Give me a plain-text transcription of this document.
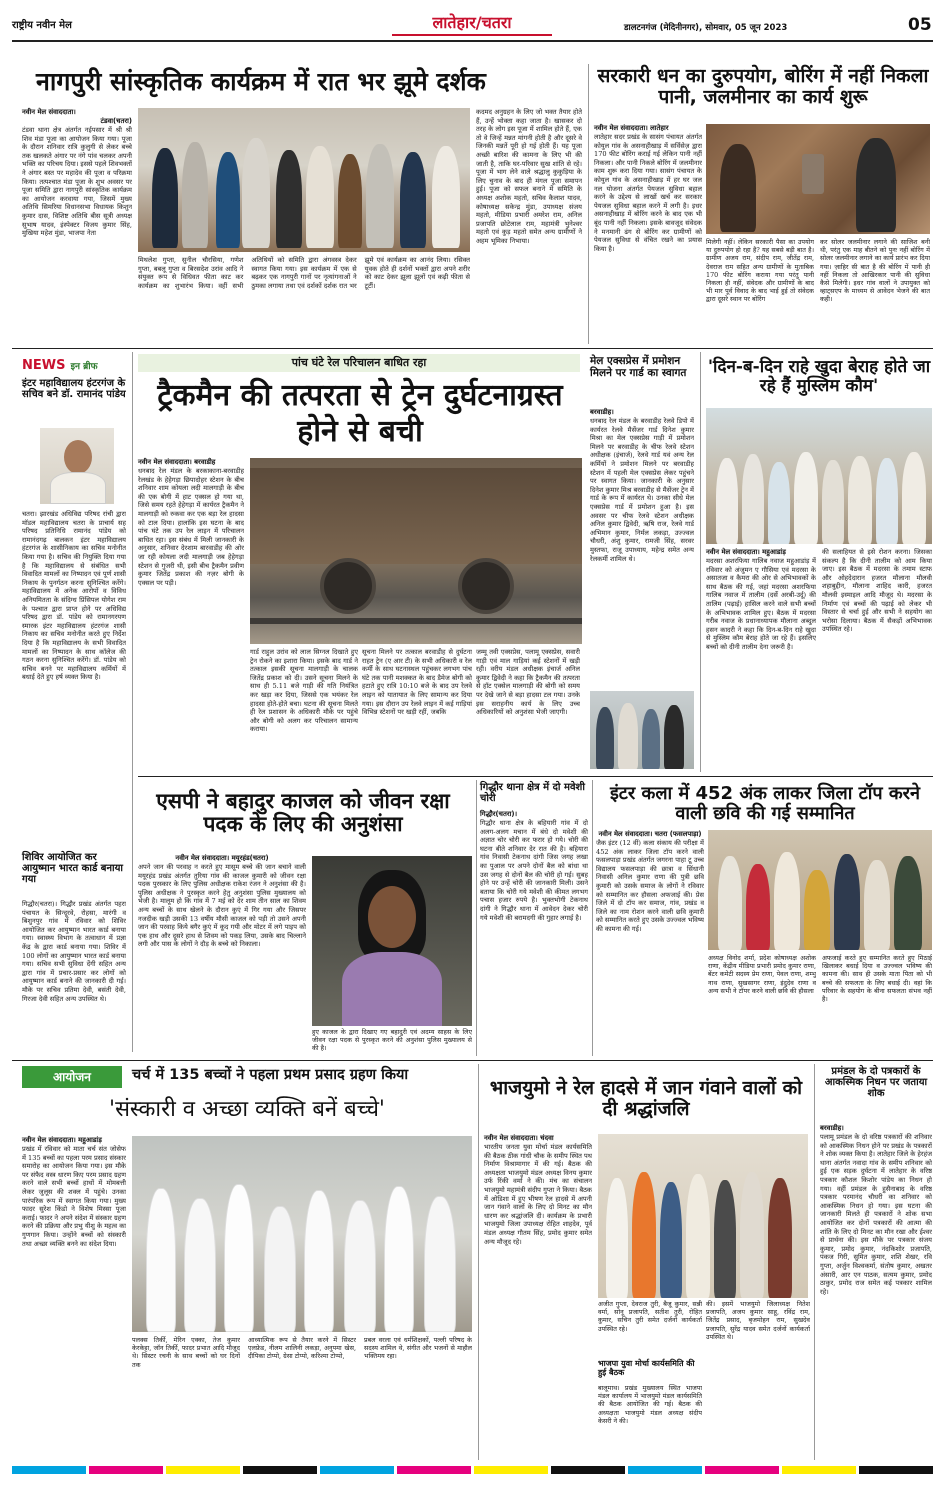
राष्ट्रीय नवीन मेल	लातेहार/चतरा	डालटनगंज (मेदिनीनगर), सोमवार, 05 जून 2023	05
नागपुरी सांस्कृतिक कार्यक्रम में रात भर झूमे दर्शक
नवीन मेल संवाददाता।
टंडवा(चतरा)
टंडवा थाना क्षेत्र अंतर्गत नईपसार में श्री श्री शिव मंडा पूजा का आयोजन किया गया। पूजा के दौरान शनिवार रात्रि कुलुगी से लेकर बच्चे तक खलकते अंगार पर नंगे पांव चलकर अपनी भक्ति का परिचय दिया। इससे पहले शिवभक्तों ने अंगार बस्त पर महादेव की पूजा व परिक्रमा किया। तत्पश्चात मंडा पूजा के शुभ अवसर पर पूजा समिति द्वारा नागपुरी सांस्कृतिक कार्यक्रम का आयोजन करवाया गया, जिसमें मुख्य अतिथि सिमरिया विधानसभा विधायक किशुन कुमार दास, विशिष्ट अतिथि बीस सूत्री अध्यक्ष सुभाष यादव, इंस्पेक्टर विजय कुमार सिंह, मुखिया महेश मुंडा, भाजपा नेता
मिथलेश गुप्ता, सुनील चौरसिया, गणेश गुप्ता, बबलू गुप्ता व बिरसदेश उरांव आदि ने संयुक्त रूप से विधिवत फीता काट कर कार्यक्रम का शुभारंभ किया। वहीं सभी अतिथियों को समिति द्वारा अंगवस्त्र देकर स्वागत किया गया। इस कार्यक्रम में एक से बढ़कर एक नागपुरी गानों पर नृत्यांगनाओं ने ठुमका लगाया तथा एवं दर्शकों दर्शक रात भर झूमे एवं कार्यक्रम का आनंद लिया। रसिक्त युवक होते ही दर्शनों भक्तों द्वारा अपने शरीर को काट देकर झूला झूलों एवं कढ़ी फीता से टूटीं।
कदमद अनुग्रहन के लिए जो भक्त तैयार होते हैं, उन्हें भोक्ता कहा जाता है। खासकर दो तरह के लोग इस पूजा में शामिल होते हैं, एक तो वे जिन्हें मन्नत मांगनी होती है और दूसरे वे जिनकी मन्नतें पूरी हो गई होती हैं। यह पूजा अच्छी बारिश की कामना के लिए भी की जाती है, ताकि घर-परिवार सुख शांति से रहे। पूजा में भाग लेने वाले श्रद्धालु कुकुड़िया के लिए चुनाव के बाद ही मंगल पूजा समापन हुई। पूजा को सफल बनाने में समिति के अध्यक्ष अशोक महतो, सचिव कैलाश यादव, कोषाध्यक्ष सकेन्द्र मुंडा, उपाध्यक्ष संजय महतो, मीडिया प्रभारी अमरेश राम, अनिल प्रजापति छोटेलाल राम, महामंत्री भुनेश्वर महतो एवं कुड़ महतो समेत अन्य ग्रामीणों ने अहम भूमिका निभाया।
सरकारी धन का दुरुपयोग, बोरिंग में नहीं निकला पानी, जलमीनार का कार्य शुरू
नवीन मेल संवाददाता। लातेहार
लातेहार सदर प्रखंड के सासंग पंचायत अंतर्गत कोयुल गांव के असनाहीखाड़ में सर्विसेज़ द्वारा 170 फीट बोरिंग कराई गई लेकिन पानी नहीं निकला। और पानी निकले बोरिंग में जलमीनार काम शुरू करा दिया गया। सासंग पंचायत के कोयुल गांव के असनाहीखाड़ में हर घर जल नल योजना अंतर्गत पेयजल सुविधा बहाल करने के उद्देश्य से लाखों खर्च कर सरकार पेयजल सुविधा बहाल करने में लगी है। इधर असनाहीखाड़ में बोरिंग करने के बाद एक भी बूंद पानी नहीं निकला। इसके बावजूद संवेदक ने मनमानी ढंग से बोरिंग कर ग्रामीणों को पेयजल सुविधा से वंचित रखने का प्रयास किया है।
मिलेगी नहीं। लेकिन सरकारी पैसा का उपयोग या दुरुपयोग हो रहा है? यह सबसे बड़ी बात है। ग्रामीण अजय राम, संदीप राम, जीतेंद्र राम, देवराज राम सहित अन्य ग्रामीणों के मुताबिक 170 फीट बोरिंग कराया गया परंतु पानी निकला ही नहीं, संवेदक और ग्रामीणों के बाद भी मार पूर्व विवाद के बाद भाई हुई तो संवेदक द्वारा दूसरे स्थान पर बोरिंग
कर सोलर जलमीनार लगाने की साजिश बनी थी, परंतु एक माह बीतने को पुनः नहीं बोरिंग में सोलर जलमीनार लगाने का कार्य प्रारंभ कर दिया गया। ज़ाहिर सी बात है की बोरिंग में पानी ही नहीं निकला तो आखिरकार पानी की सुविधा कैसे मिलेगी। इधर गांव वालों ने उपायुक्त को व्हाट्सएप के माध्यम से आवेदन भेजने की बात कही।
NEWS इन ब्रीफ
इंटर महाविद्यालय हंटरगंज के सचिव बने डॉ. रामानंद पांडेय
चतरा। झारखंड अधिविद्य परिषद रांची द्वारा मॉडल महाविद्यालय चतरा के प्राचार्य सह परिषद प्रतिनिधि रामानंद पांडेय को रामानंदगढ़ बालकन इंटर महाविद्यालय हंटरगंज के शासीनिकाय का सचिव मनोनीत किया गया है। सचिव की नियुक्ति दिया गया है कि महाविद्यालय से संबंधित सभी विवादित मामलों का निष्पादन एवं पूर्ण शासी निकाय के पुनर्गठन करना सुनिश्चित करेंगे। महाविद्यालय में अनेक आरोपों व विविध अनियमितता के संदिग्ध प्रिंसिपल योगेश राम के पश्चात द्वारा प्राप्त होने पर अधिविद्य परिषद द्वारा डॉ. पांडेय को रामानगरयण स्मारक इंटर महाविद्यालय हंटरगंज शासी निकाय का सचिव मनोनीत करते हुए निर्देश दिया है कि महाविद्यालय के सभी विवादित मामलों का निष्पादन के साथ कॉलेज की गठन करना सुनिश्चित करेंगे। डॉ. पांडेय को सचिव बनने पर महाविद्यालय कर्मियों में बधाई देते हुए हर्ष व्यक्त किया है।
शिविर आयोजित कर आयुष्मान भारत कार्ड बनाया गया
गिद्धौर(चतरा)। गिद्धौर प्रखंड अंतर्गत पहरा पंचायत के सिन्दूरवे, रोहसा, मारंगी व बिशुनपुर गांव में रविवार को शिविर आयोजित कर आयुष्मान भारत कार्ड बनाया गया। स्वास्थ्य विभाग के तत्वाधान में प्रज्ञा केंद्र के द्वारा कार्ड बनाया गया। शिविर में 100 लोगों का आयुष्मान भारत कार्ड बनाया गया। सचिव सभी सुविधा देंगी सहित अन्य द्वारा गांव में प्रचार-प्रसार कर लोगों को आयुष्मान कार्ड बनाने की जानकारी दी गई। मौके पर सचिव प्रतिमा देवी, बसंती देवी, गिरजा देवी सहित अन्य उपस्थित थे।
पांच घंटे रेल परिचालन बाधित रहा
ट्रैकमैन की तत्परता से ट्रेन दुर्घटनाग्रस्त होने से बची
नवीन मेल संवाददाता। बरवाडीह
धनबाद रेल मंडल के बरकाकाना-बरवाडीह रेलखंड के हेहेगड़ा छिपादोहर स्टेशन के बीच शनिवार शाम कोयला लदी मालगाड़ी के बीच की एक बोगी में हाट एक्सल हो गया था, जिसे समय रहते हेहेगड़ा में कार्यरत ट्रैकमैन ने मालगाड़ी को रुकवा कर एक बड़ा रेल हादसा को टाल दिया। हालांकि इस घटना के बाद पांच घंटे तक उप रेल लाइन में परिचालन बाधित रहा। इस संबंध में मिली जानकारी के अनुसार, शनिवार देरशाम बारवाडीह की ओर जा रही कोयला लदी मालगाड़ी जब हेहेगड़ा स्टेशन से गुजरी थी, इसी बीच ट्रैकमैन प्रवीण कुमार जितेंद्र प्रकाश की नज़र बोगी के एक्सल पर पड़ी।
गार्ड राहुल उरांव को लाल सिग्नल दिखाते हुए ट्रेन रोकने का इशारा किया। इसके बाद गार्ड ने तत्काल इसकी सूचना मालगाड़ी के चालक जितेंद्र प्रकाश को दी। उसने सूचना मिलने के साथ ही 5.11 बजे गाड़ी की गति नियंत्रित कर खड़ा कर दिया, जिससे एक भयंकर रेल हादसा होते-होते बचा। घटना की सूचना मिलते ही रेल प्रशासन के अधिकारी मौके पर पहुंचे और बोगी को अलग कर परिचालन सामान्य कराया।
सूचना मिलने पर तत्काल बरवाडीह से दुर्घटना राहत ट्रेन (ए आर टी) के सभी अधिकारी व रेल कर्मी के साथ घटनास्थल पहुंचकर लगभग पांच घंटे तक पानी मशक्कत के बाद डैमेज बोगी को हटाते हुए रात्रि 10:10 बजे के बाद उप रेलवे लाइन को यातायात के लिए सामान्य कर दिया गया। इस दौरान उप रेलवे लाइन में कई गाड़ियां विभिन्न स्टेशनों पर खड़ी रहीं, जबकि
जम्मू तवी एक्सप्रेस, पलामू एक्सप्रेस, सवारी गाड़ी एवं माल गाड़ियां कई स्टेशनों में खड़ी रही। वरीय मंडल अधीक्षक इंचार्ज अनिल कुमार द्विवेदी ने कहा कि ट्रैकमैन की तत्परता से हॉट एक्सेल मालगाड़ी की बोगी को समय पर देखे जाने से बड़ा हादसा टल गया। उनके इस सराहनीय कार्य के लिए उच्च अधिकारियों को अनुशंसा भेजी जाएगी।
मेल एक्सप्रेस में प्रमोशन मिलने पर गार्ड का स्वागत
बरवाडीह।
धनबाद रेल मंडल के बरवाडीह रेलवे डिपो में कार्यरत रेलवे मैसेंजर गार्ड दिनेश कुमार मिश्रा का मेल एक्सप्रेस गाड़ी में प्रमोशन मिलने पर बरवाडीह के चीफ रेलवे स्टेशन अधीक्षक (इंचार्ज), रेलवे गार्ड यवं अन्य रेल कर्मियों ने प्रमोशन मिलने पर बरवाडीह स्टेशन में पहली मेल एक्सप्रेस लेकर पहुंचने पर स्वागत किया। जानकारी के अनुसार दिनेश कुमार मिश्र बरवाडीह से मैसेंजर ट्रेन में गार्ड के रूप में कार्यरत थे। उनका सीधे मेल एक्सप्रेस गार्ड में प्रमोशन हुआ है। इस अवसर पर चीफ रेलवे स्टेशन अधीक्षक अनिल कुमार द्विवेदी, ऋषि राज, रेलवे गार्ड अभिमान कुमार, निर्मल लकड़ा, उज्ज्वल चौधरी, अंशु कुमार, रामजी सिंह, सरवर मुस्तफा, राजू उपाध्याय, महेन्द्र समेत अन्य रेलकर्मी शामिल थे।
'दिन-ब-दिन राहे खुदा बेराह होते जा रहे हैं मुस्लिम कौम'
नवीन मेल संवाददाता। महुआडांड़
मदरसा अशरफिया गालिब नवाज महुआडांड़ में रविवार को अंजुमन ए गौसिया एवं मदरसा के असातजा व कैमरा की ओर से अभिभावकों के साथ बैठक की गई, जहां मदरसा अशरफिया गालिब नवाज में तालीम (दर्से अरबी-उर्दू) की तालिम (पढ़ाई) हासिल करने वाले सभी बच्चों के अभिभावक शामिल हुए। बैठक में मदरसा गरीब नवाज के प्रधानाध्यापक मौलाना अब्दुल हसन कादरी ने कहा कि दिन-ब-दिन राहे खुदा से मुस्लिम कौम बेराह होते जा रहे हैं। इसलिए बच्चों को दीनी तालीम देना जरूरी है।
की सलाहियत से इसे रोशन करना। जिसका संकल्प है कि दीनी तालीम को आम किया जाए। इस बैठक में मदरसा के तमाम स्टाफ और ओहदेदारान हजरत मौलाना मौलवी शहाबुद्दीन, मौलाना शाहिद कारी, हजरत मौलवी इस्माइल आदि मौजूद थे। मदरसा के निर्माण एवं बच्चों की पढ़ाई को लेकर भी विस्तार से चर्चा हुई और सभी ने सहयोग का भरोसा दिलाया। बैठक में सैकड़ों अभिभावक उपस्थित रहे।
एसपी ने बहादुर काजल को जीवन रक्षा पदक के लिए की अनुशंसा
नवीन मेल संवाददाता। मयूरहंड(चतरा)
अपने जान की परवाह न करते हुए मासूम बच्चे की जान बचाने वाली मयूरहंड प्रखंड अंतर्गत तुरिया गांव की काजल कुमारी को जीवन रक्षा पदक पुरस्कार के लिए पुलिस अधीक्षक राकेश रंजन ने अनुशंसा की है। पुलिस अधीक्षक ने पुरस्कृत करने हेतु अनुशंसा पुलिस मुख्यालय को भेजी है। मालूम हो कि गांव में 7 मई को देर शाम तीन साल का शिवम अन्य बच्चों के साथ खेलने के दौरान कुएं में गिर गया और जिसपर नजदीक खड़ी उसकी 13 वर्षीय मौसी काजल को पड़ी तो उसने अपनी जान की परवाह किये बगैर कुएं में कूद गयी और मोटर में लगे पाइप को एक हाथ और दूसरे हाथ से शिवम को पकड़ लिया, उसके बाद चिल्लाने लगी और पास के लोगों ने दौड़ के बच्चे को निकाला।
हुए काजल के द्वारा दिखाए गए बहादुरी एवं अदम्य साहस के लिए जीवन रक्षा पदक से पुरस्कृत करने की अनुशंसा पुलिस मुख्यालय से की है।
गिद्धौर थाना क्षेत्र में दो मवेशी चोरी
गिद्धौर(चतरा)।
गिद्धौर थाना क्षेत्र के बहियारी गांव में दो अलग-अलग मचान में बंधे दो मवेशी की अज्ञात चोर चोरी कर फरार हो गये। चोरी की घटना बीते शनिवार देर रात की है। बहियारा गांव निवासी टेकनाथ दांगी जिस जगह लखा का पुआल पर अपने दोनों बैल को बांधा था उस जगह से दोनों बैल की चोरी हो गई। सुबह होने पर उन्हें चोरी की जानकारी मिली। उसने बताया कि चोरी गये मवेशी की कीमत लगभग पचास हजार रुपये है। भुक्तभोगी टेकनाथ दांगी ने गिद्धौर थाना में आवेदन देकर चोरी गये मवेशी की बरामदगी की गुहार लगाई है।
इंटर कला में 452 अंक लाकर जिला टॉप करने वाली छवि की गई सम्मानित
नवीन मेल संवाददाता। चतरा (फसलपाड़ा)
जैक इंटर (12 वीं) कला संकाय की परीक्षा में 452 अंक लाकर जिला टॉप करने वाली फसलपाड़ा प्रखंड अंतर्गत जगरना पाहा टू उच्च विद्यालय फसलपाड़ा की छात्रा व सिंधानी निवासी अनिल कुमार राणा की पुत्री छवि कुमारी को उसके समाज के लोगों ने रविवार को सम्मानित कर हौसला अफजाई की। प्रेस जिले में दो टॉप कर समाज, गांव, प्रखंड व जिले का नाम रोशन करने वाली छवि कुमारी को सम्मानित करते हुए उसके उज्ज्वल भविष्य की कामना की गई।
अध्यक्ष विनोद शर्मा, प्रदेश कोषाध्यक्ष अशोक राणा, केंद्रीय मीडिया प्रभारी प्रमोद कुमार राणा, बेंटर कमेटी सदस्य प्रेम राणा, पेवल राणा, शम्भु नाथ राणा, सुखसागर राणा, इंदुदेव राणा व अन्य सभी ने टॉपर करने वाली छवि की हौसला
अफजाई करते हुए सम्मानित करते हुए मिठाई खिलाकर बधाई दिया व उज्ज्वल भविष्य की कामना की। साथ ही उसके माता पिता को भी बच्चे की सफलता के लिए बधाई दी। वहां कि परिवार के सहयोग के बीना सफलता संभव नहीं है।
आयोजन	चर्च में 135 बच्चों ने पहला प्रथम प्रसाद ग्रहण किया
'संस्कारी व अच्छा व्यक्ति बनें बच्चे'
नवीन मेल संवाददाता। महुआडांड़
प्रखंड में रविवार को माता चर्च संत जोसेफ में 135 बच्चों का पहला परम प्रसाद संस्कार समारोह का आयोजन किया गया। इस मौके पर संफैद वस्त्र धारण किए परम प्रसाद ग्रहण करने वाले सभी बच्चों हाथों में मोमबत्ती लेकर जुलूस की शक्ल में पहुंचे। उनका पारंपरिक रूप में स्वागत किया गया। मुख्य फादर सुरेश किंडो ने विशेष मिस्सा पूजा कराई। फादर ने अपने संदेश में संस्कार ग्रहण करने की प्रक्रिया और प्रभु यीशु के महत्व का गुणगान किया। उन्होंने बच्चों को संस्कारी तथा अच्छा व्यक्ति बनने का संदेश दिया।
पलक्स तिर्की, मेरिन एक्का, तेज कुमार केरकेट्टा, जॉन तिर्की, फादर प्रभात आदि मौजूद थे। सिस्टर रचनी के साथ बच्चों को घर दिनों तक
आध्यात्मिक रूप से तैयार करने में सिस्टर एलफ्रेड, नीलम शालिनी लकड़ा, अनुपमा खेस, दीपिका टोप्पो, ग्रेसा टोप्पो, करिश्मा टोप्पो,
प्रबल वरला एवं धर्मशिक्षकों, पल्ली परिषद के सदस्य शामिल थे, संगीत और भजनों से माहौल भक्तिमय रहा।
भाजयुमो ने रेल हादसे में जान गंवाने वालों को दी श्रद्धांजलि
नवीन मेल संवाददाता। चंदवा
भारतीय जनता युवा मोर्चा मंडल कार्यसमिति की बैठक ठीक गांधी चौक के समीप स्थित पथ निर्माण विश्रामागार में की गई। बैठक की अध्यक्षता भाजयुमो मंडल अध्यक्ष विनय कुमार उर्फ रिंकी वर्मा ने की। मंच का संचालन भाजयुमो महामंत्री संदीप गुप्ता ने किया। बैठक में ओडिशा में हुए भीषण रेल हादसे में अपनी जान गंवाने वालों के लिए दो मिनट का मौन धारण कर श्रद्धांजलि दी। कार्यक्रम के प्रभारी भाजयुमो जिला उपाध्यक्ष रोहित शाहदेव, पूर्व मंडल अध्यक्ष गौतम सिंह, प्रमोद कुमार समेत अन्य मौजूद रहे।
अजीत गुप्ता, देवराज तुरी, बैजू कुमार, सन्नी वर्मा, सोनू प्रजापति, सतीश तुरी, रोहित कुमार, सचिन तुरी समेत दर्जनों कार्यकर्ता उपस्थित रहे।
भाजपा युवा मोर्चा कार्यसमिति की हुई बैठक
बालूमाथ। प्रखंड मुख्यालय स्थित भाजपा मंडल कार्यालय में भाजयुमो मंडल कार्यसमिति की बैठक आयोजित की गई। बैठक की अध्यक्षता भाजयुमो मंडल अध्यक्ष संदीप केसरी ने की।
की। इसमें भाजयुमो जिलाध्यक्ष नितेश प्रजापति, अजय कुमार साहू, रविंद्र राम, जितेंद्र प्रसाद, बृजमोहन राम, सुखदेव प्रजापति, सुरेंद्र यादव समेत दर्जनों कार्यकर्ता उपस्थित थे।
प्रमंडल के दो पत्रकारों के आकस्मिक निधन पर जताया शोक
बरवाडीह।
पलामू प्रमंडल के दो वरिष्ठ पत्रकारों की शनिवार को आकस्मिक निधन होने पर प्रखंड के पत्रकारों ने शोक व्यक्त किया है। लातेहार जिले के हेरहंज थाना अंतर्गत नवादा गांव के समीप शनिवार को हुई एक सड़क दुर्घटना में लातेहार के वरिष्ठ पत्रकार कौशल किशोर पांडेय का निधन हो गया। वहीं प्रमंडल के हुसैनाबाद के वरिष्ठ पत्रकार परमानंद चौधरी का शनिवार को आकस्मिक निधन हो गया। इस घटना की जानकारी मिलते ही पत्रकारों ने शोक सभा आयोजित कर दोनों पत्रकारों की आत्मा की शांति के लिए दो मिनट का मौन रखा और ईश्वर से प्रार्थना की। इस मौके पर पत्रकार संजय कुमार, प्रमोद कुमार, नंदकिशोर प्रजापति, पंकज गिरी, सुमित कुमार, शशि शेखर, रवि गुप्ता, अर्जुन विश्वकर्मा, संतोष कुमार, अखतर अंसारी, आर एन पाठक, सत्यम कुमार, प्रमोद ठाकुर, प्रमोद राज समेत कई पत्रकार शामिल रहे।
